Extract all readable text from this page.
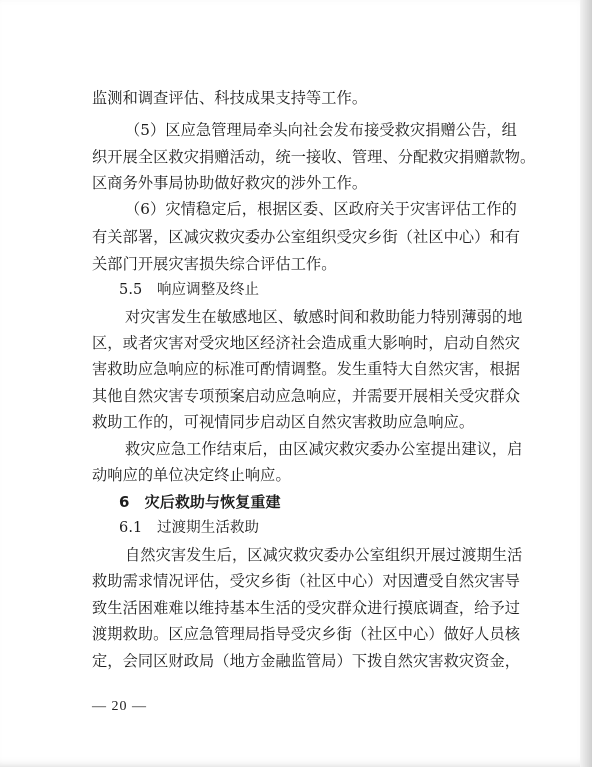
监测和调查评估、科技成果支持等工作。

（5）区应急管理局牵头向社会发布接受救灾捐赠公告，组

织开展全区救灾捐赠活动，统一接收、管理、分配救灾捐赠款物。

区商务外事局协助做好救灾的涉外工作。

（6）灾情稳定后，根据区委、区政府关于灾害评估工作的

有关部署，区减灾救灾委办公室组织受灾乡街（社区中心）和有

关部门开展灾害损失综合评估工作。

5.5　响应调整及终止

对灾害发生在敏感地区、敏感时间和救助能力特别薄弱的地

区，或者灾害对受灾地区经济社会造成重大影响时，启动自然灾

害救助应急响应的标准可酌情调整。发生重特大自然灾害，根据

其他自然灾害专项预案启动应急响应，并需要开展相关受灾群众

救助工作的，可视情同步启动区自然灾害救助应急响应。

救灾应急工作结束后，由区减灾救灾委办公室提出建议，启

动响应的单位决定终止响应。

6　灾后救助与恢复重建

6.1　过渡期生活救助

自然灾害发生后，区减灾救灾委办公室组织开展过渡期生活

救助需求情况评估，受灾乡街（社区中心）对因遭受自然灾害导

致生活困难难以维持基本生活的受灾群众进行摸底调查，给予过

渡期救助。区应急管理局指导受灾乡街（社区中心）做好人员核

定，会同区财政局（地方金融监管局）下拨自然灾害救灾资金，

— 20 —
